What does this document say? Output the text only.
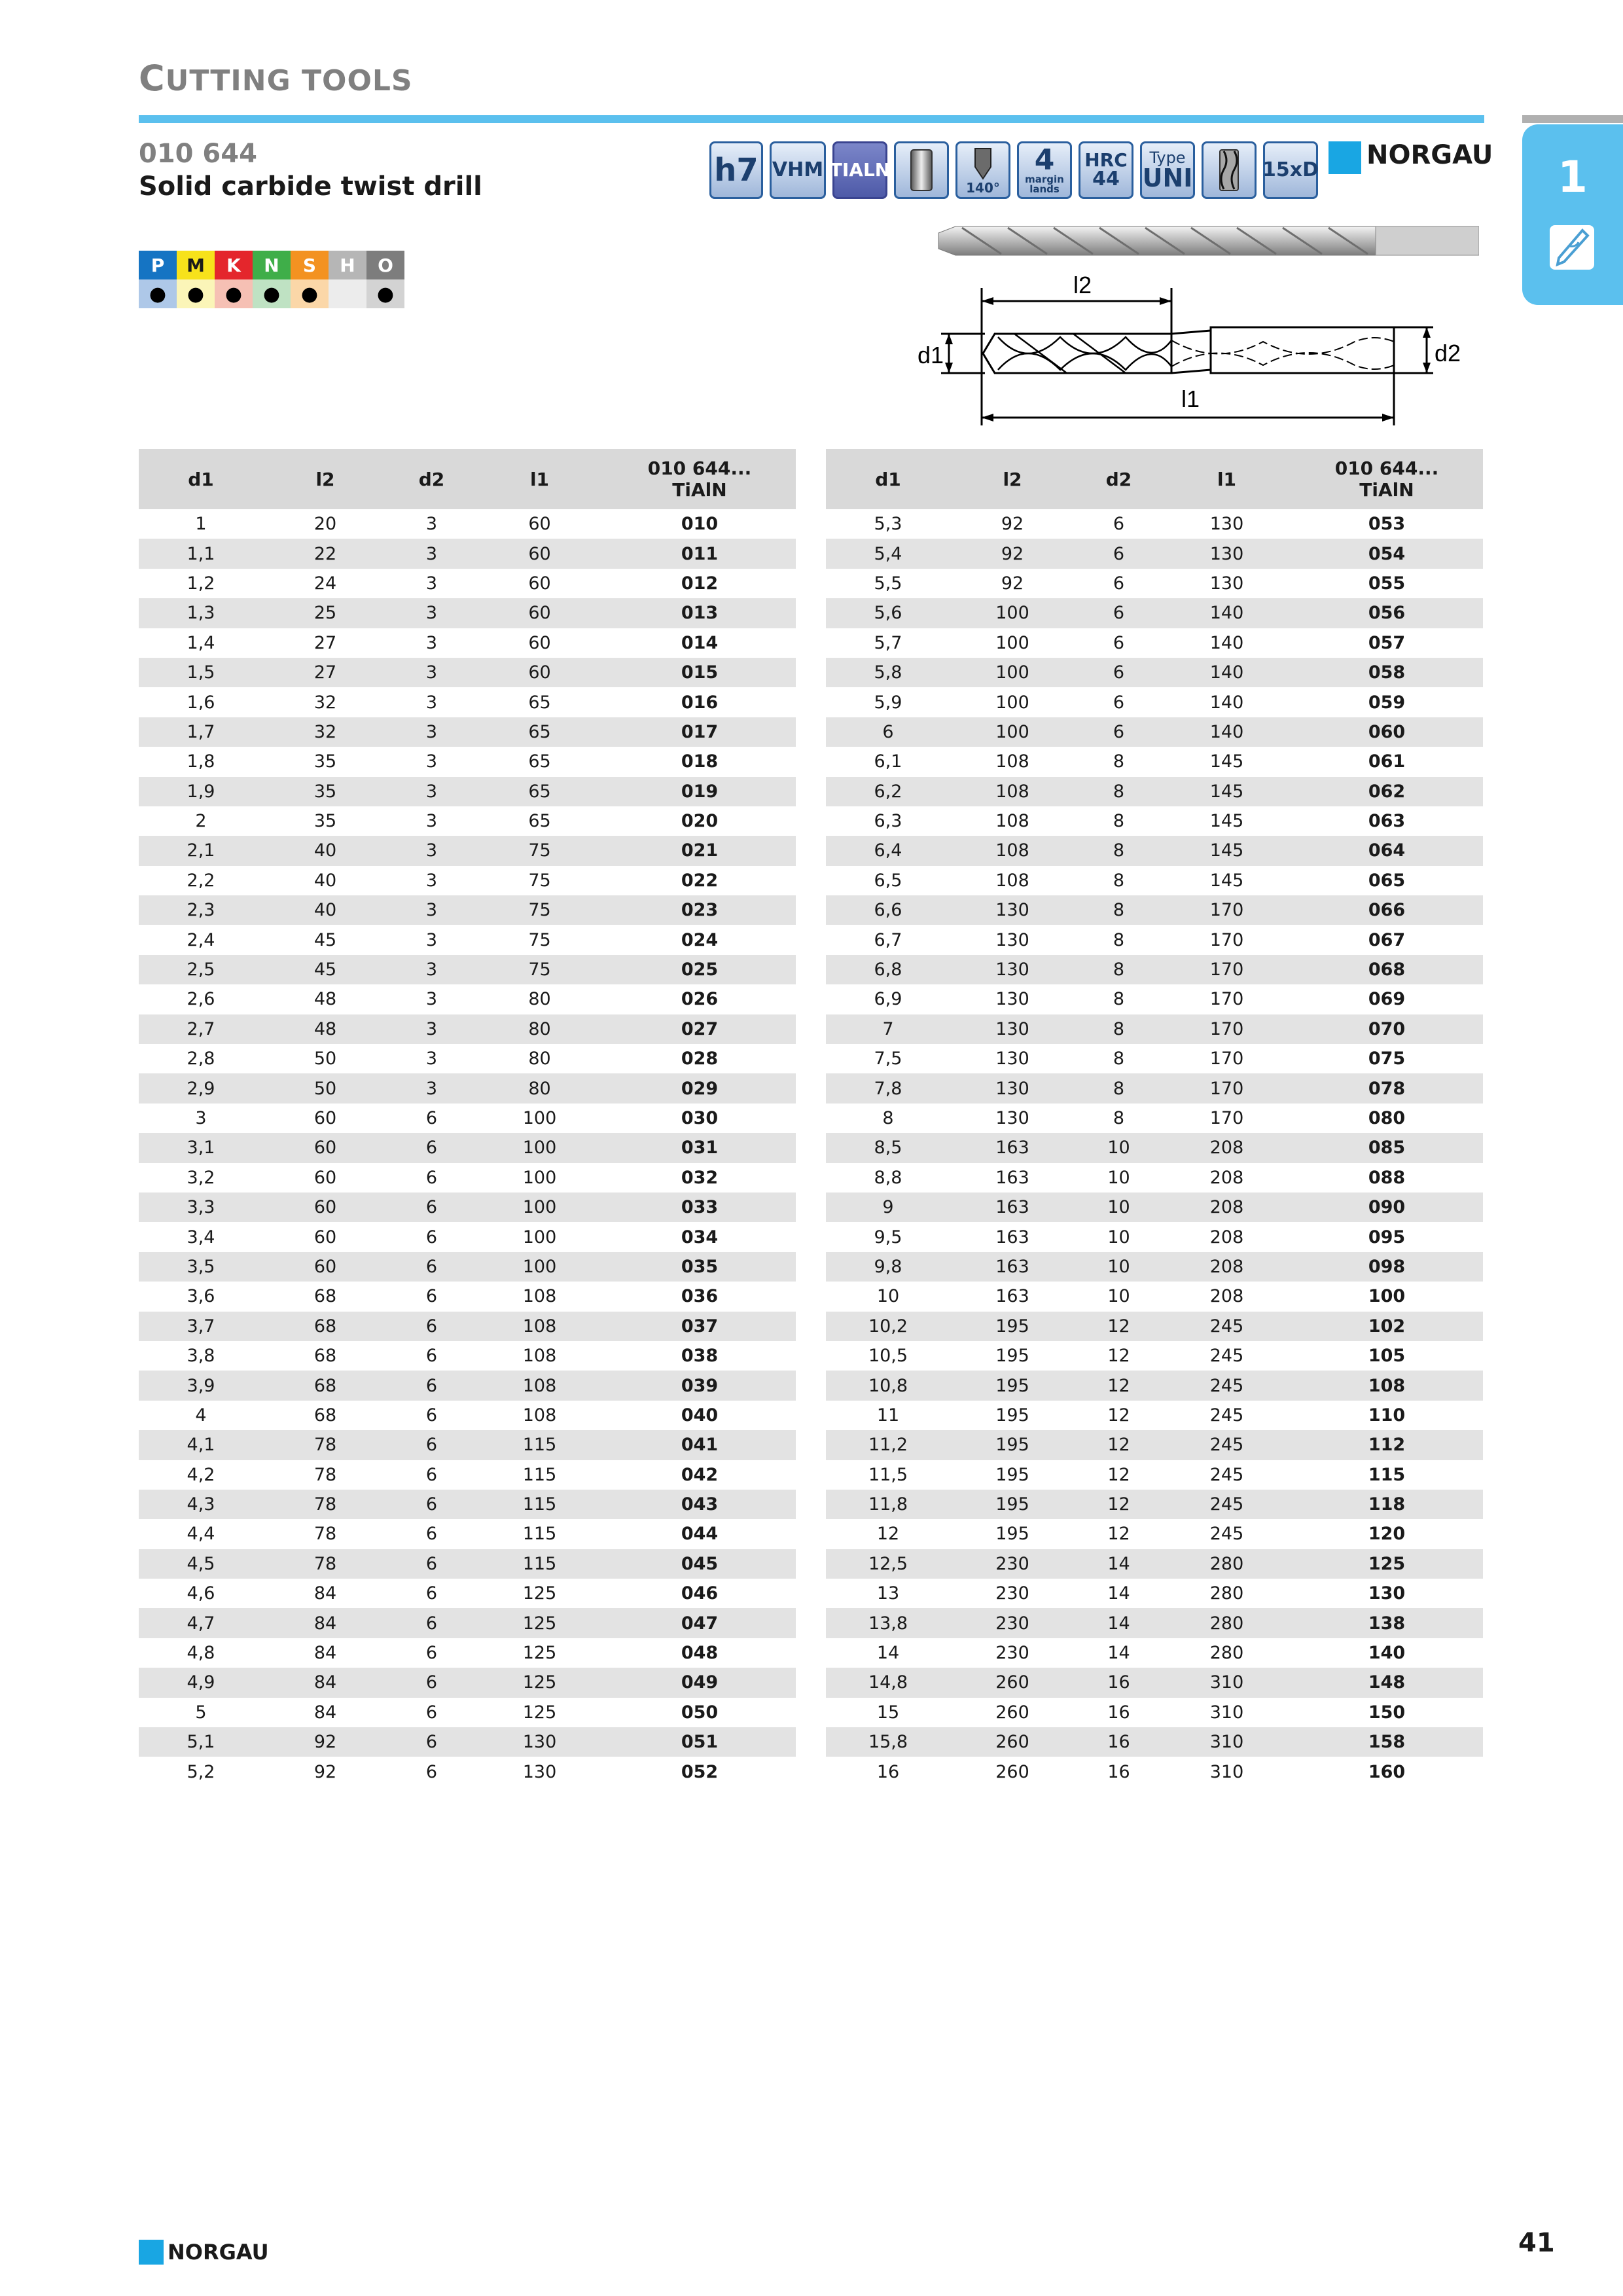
CUTTING TOOLS
010 644
Solid carbide twist drill
P	M	K	N	S	H	O
●	●	●	●	●		●
h7 VHM TIALN
140°
4
margin
lands
HRC
44
Type
UNI	15xD NORGAU	1
l2
d1	d2
l1
d1	l2	d2	l1	010 644...
TiAlN
1	20	3	60	010
1,1	22	3	60	011
1,2	24	3	60	012
1,3	25	3	60	013
1,4	27	3	60	014
1,5	27	3	60	015
1,6	32	3	65	016
1,7	32	3	65	017
1,8	35	3	65	018
1,9	35	3	65	019
2	35	3	65	020
2,1	40	3	75	021
2,2	40	3	75	022
2,3	40	3	75	023
2,4	45	3	75	024
2,5	45	3	75	025
2,6	48	3	80	026
2,7	48	3	80	027
2,8	50	3	80	028
2,9	50	3	80	029
3	60	6	100	030
3,1	60	6	100	031
3,2	60	6	100	032
3,3	60	6	100	033
3,4	60	6	100	034
3,5	60	6	100	035
3,6	68	6	108	036
3,7	68	6	108	037
3,8	68	6	108	038
3,9	68	6	108	039
4	68	6	108	040
4,1	78	6	115	041
4,2	78	6	115	042
4,3	78	6	115	043
4,4	78	6	115	044
4,5	78	6	115	045
4,6	84	6	125	046
4,7	84	6	125	047
4,8	84	6	125	048
4,9	84	6	125	049
5	84	6	125	050
5,1	92	6	130	051
5,2	92	6	130	052
d1	l2	d2	l1	010 644...
TiAlN
5,3	92	6	130	053
5,4	92	6	130	054
5,5	92	6	130	055
5,6	100	6	140	056
5,7	100	6	140	057
5,8	100	6	140	058
5,9	100	6	140	059
6	100	6	140	060
6,1	108	8	145	061
6,2	108	8	145	062
6,3	108	8	145	063
6,4	108	8	145	064
6,5	108	8	145	065
6,6	130	8	170	066
6,7	130	8	170	067
6,8	130	8	170	068
6,9	130	8	170	069
7	130	8	170	070
7,5	130	8	170	075
7,8	130	8	170	078
8	130	8	170	080
8,5	163	10	208	085
8,8	163	10	208	088
9	163	10	208	090
9,5	163	10	208	095
9,8	163	10	208	098
10	163	10	208	100
10,2	195	12	245	102
10,5	195	12	245	105
10,8	195	12	245	108
11	195	12	245	110
11,2	195	12	245	112
11,5	195	12	245	115
11,8	195	12	245	118
12	195	12	245	120
12,5	230	14	280	125
13	230	14	280	130
13,8	230	14	280	138
14	230	14	280	140
14,8	260	16	310	148
15	260	16	310	150
15,8	260	16	310	158
16	260	16	310	160
NORGAU	41
